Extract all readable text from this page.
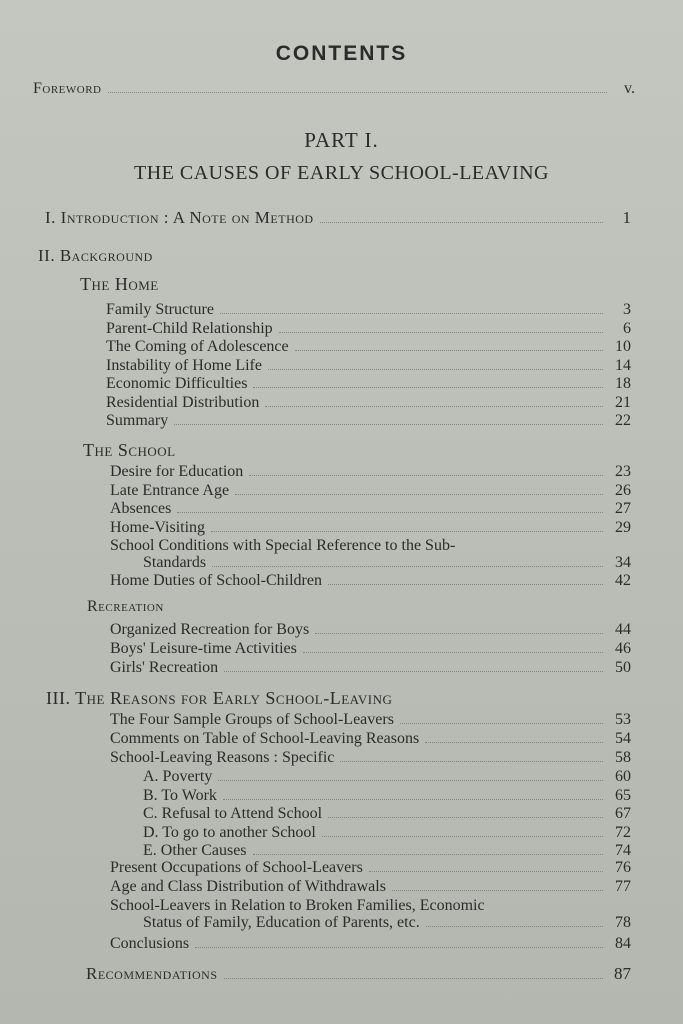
CONTENTS
Foreword	v.
PART I.
THE CAUSES OF EARLY SCHOOL-LEAVING
I. Introduction : A Note on Method	1
II. Background
The Home
Family Structure	3
Parent-Child Relationship	6
The Coming of Adolescence	10
Instability of Home Life	14
Economic Difficulties	18
Residential Distribution	21
Summary	22
The School
Desire for Education	23
Late Entrance Age	26
Absences	27
Home-Visiting	29
School Conditions with Special Reference to the Sub-
Standards	34
Home Duties of School-Children	42
Recreation
Organized Recreation for Boys	44
Boys' Leisure-time Activities	46
Girls' Recreation	50
III. The Reasons for Early School-Leaving
The Four Sample Groups of School-Leavers	53
Comments on Table of School-Leaving Reasons	54
School-Leaving Reasons : Specific	58
A. Poverty	60
B. To Work	65
C. Refusal to Attend School	67
D. To go to another School	72
E. Other Causes	74
Present Occupations of School-Leavers	76
Age and Class Distribution of Withdrawals	77
School-Leavers in Relation to Broken Families, Economic
Status of Family, Education of Parents, etc.	78
Conclusions	84
Recommendations	87
